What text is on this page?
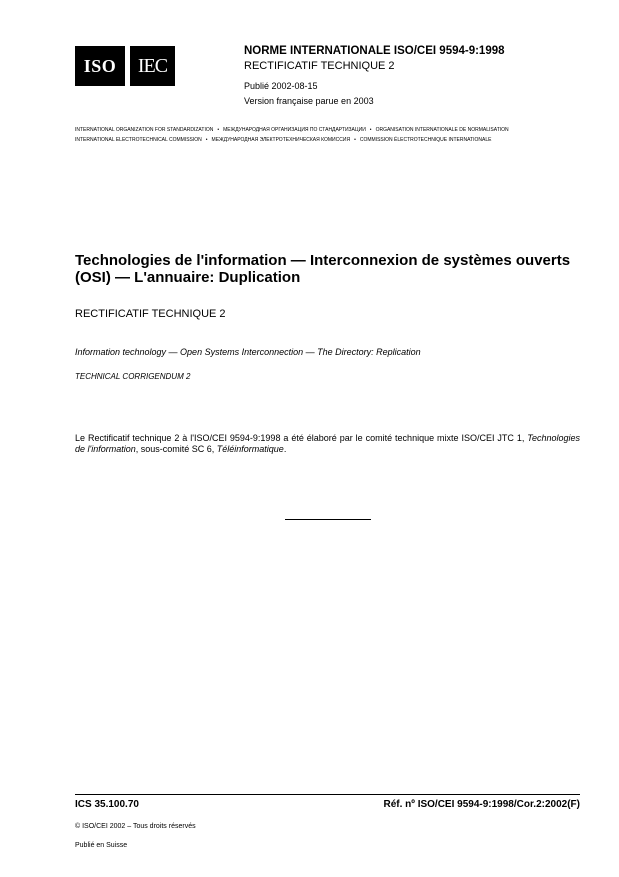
ISO IEC
NORME INTERNATIONALE ISO/CEI 9594-9:1998
RECTIFICATIF TECHNIQUE 2
Publié 2002-08-15
Version française parue en 2003
INTERNATIONAL ORGANIZATION FOR STANDARDIZATION • МЕЖДУНАРОДНАЯ ОРГАНИЗАЦИЯ ПО СТАНДАРТИЗАЦИИ • ORGANISATION INTERNATIONALE DE NORMALISATION
INTERNATIONAL ELECTROTECHNICAL COMMISSION • МЕЖДУНАРОДНАЯ ЭЛЕКТРОТЕХНИЧЕСКАЯ КОМИССИЯ • COMMISSION ÉLECTROTECHNIQUE INTERNATIONALE
Technologies de l'information — Interconnexion de systèmes ouverts (OSI) — L'annuaire: Duplication
RECTIFICATIF TECHNIQUE 2
Information technology — Open Systems Interconnection — The Directory: Replication
TECHNICAL CORRIGENDUM 2
Le Rectificatif technique 2 à l'ISO/CEI 9594-9:1998 a été élaboré par le comité technique mixte ISO/CEI JTC 1, Technologies de l'information, sous-comité SC 6, Téléinformatique.
ICS 35.100.70	Réf. nº ISO/CEI 9594-9:1998/Cor.2:2002(F)
© ISO/CEI 2002 – Tous droits réservés
Publié en Suisse
